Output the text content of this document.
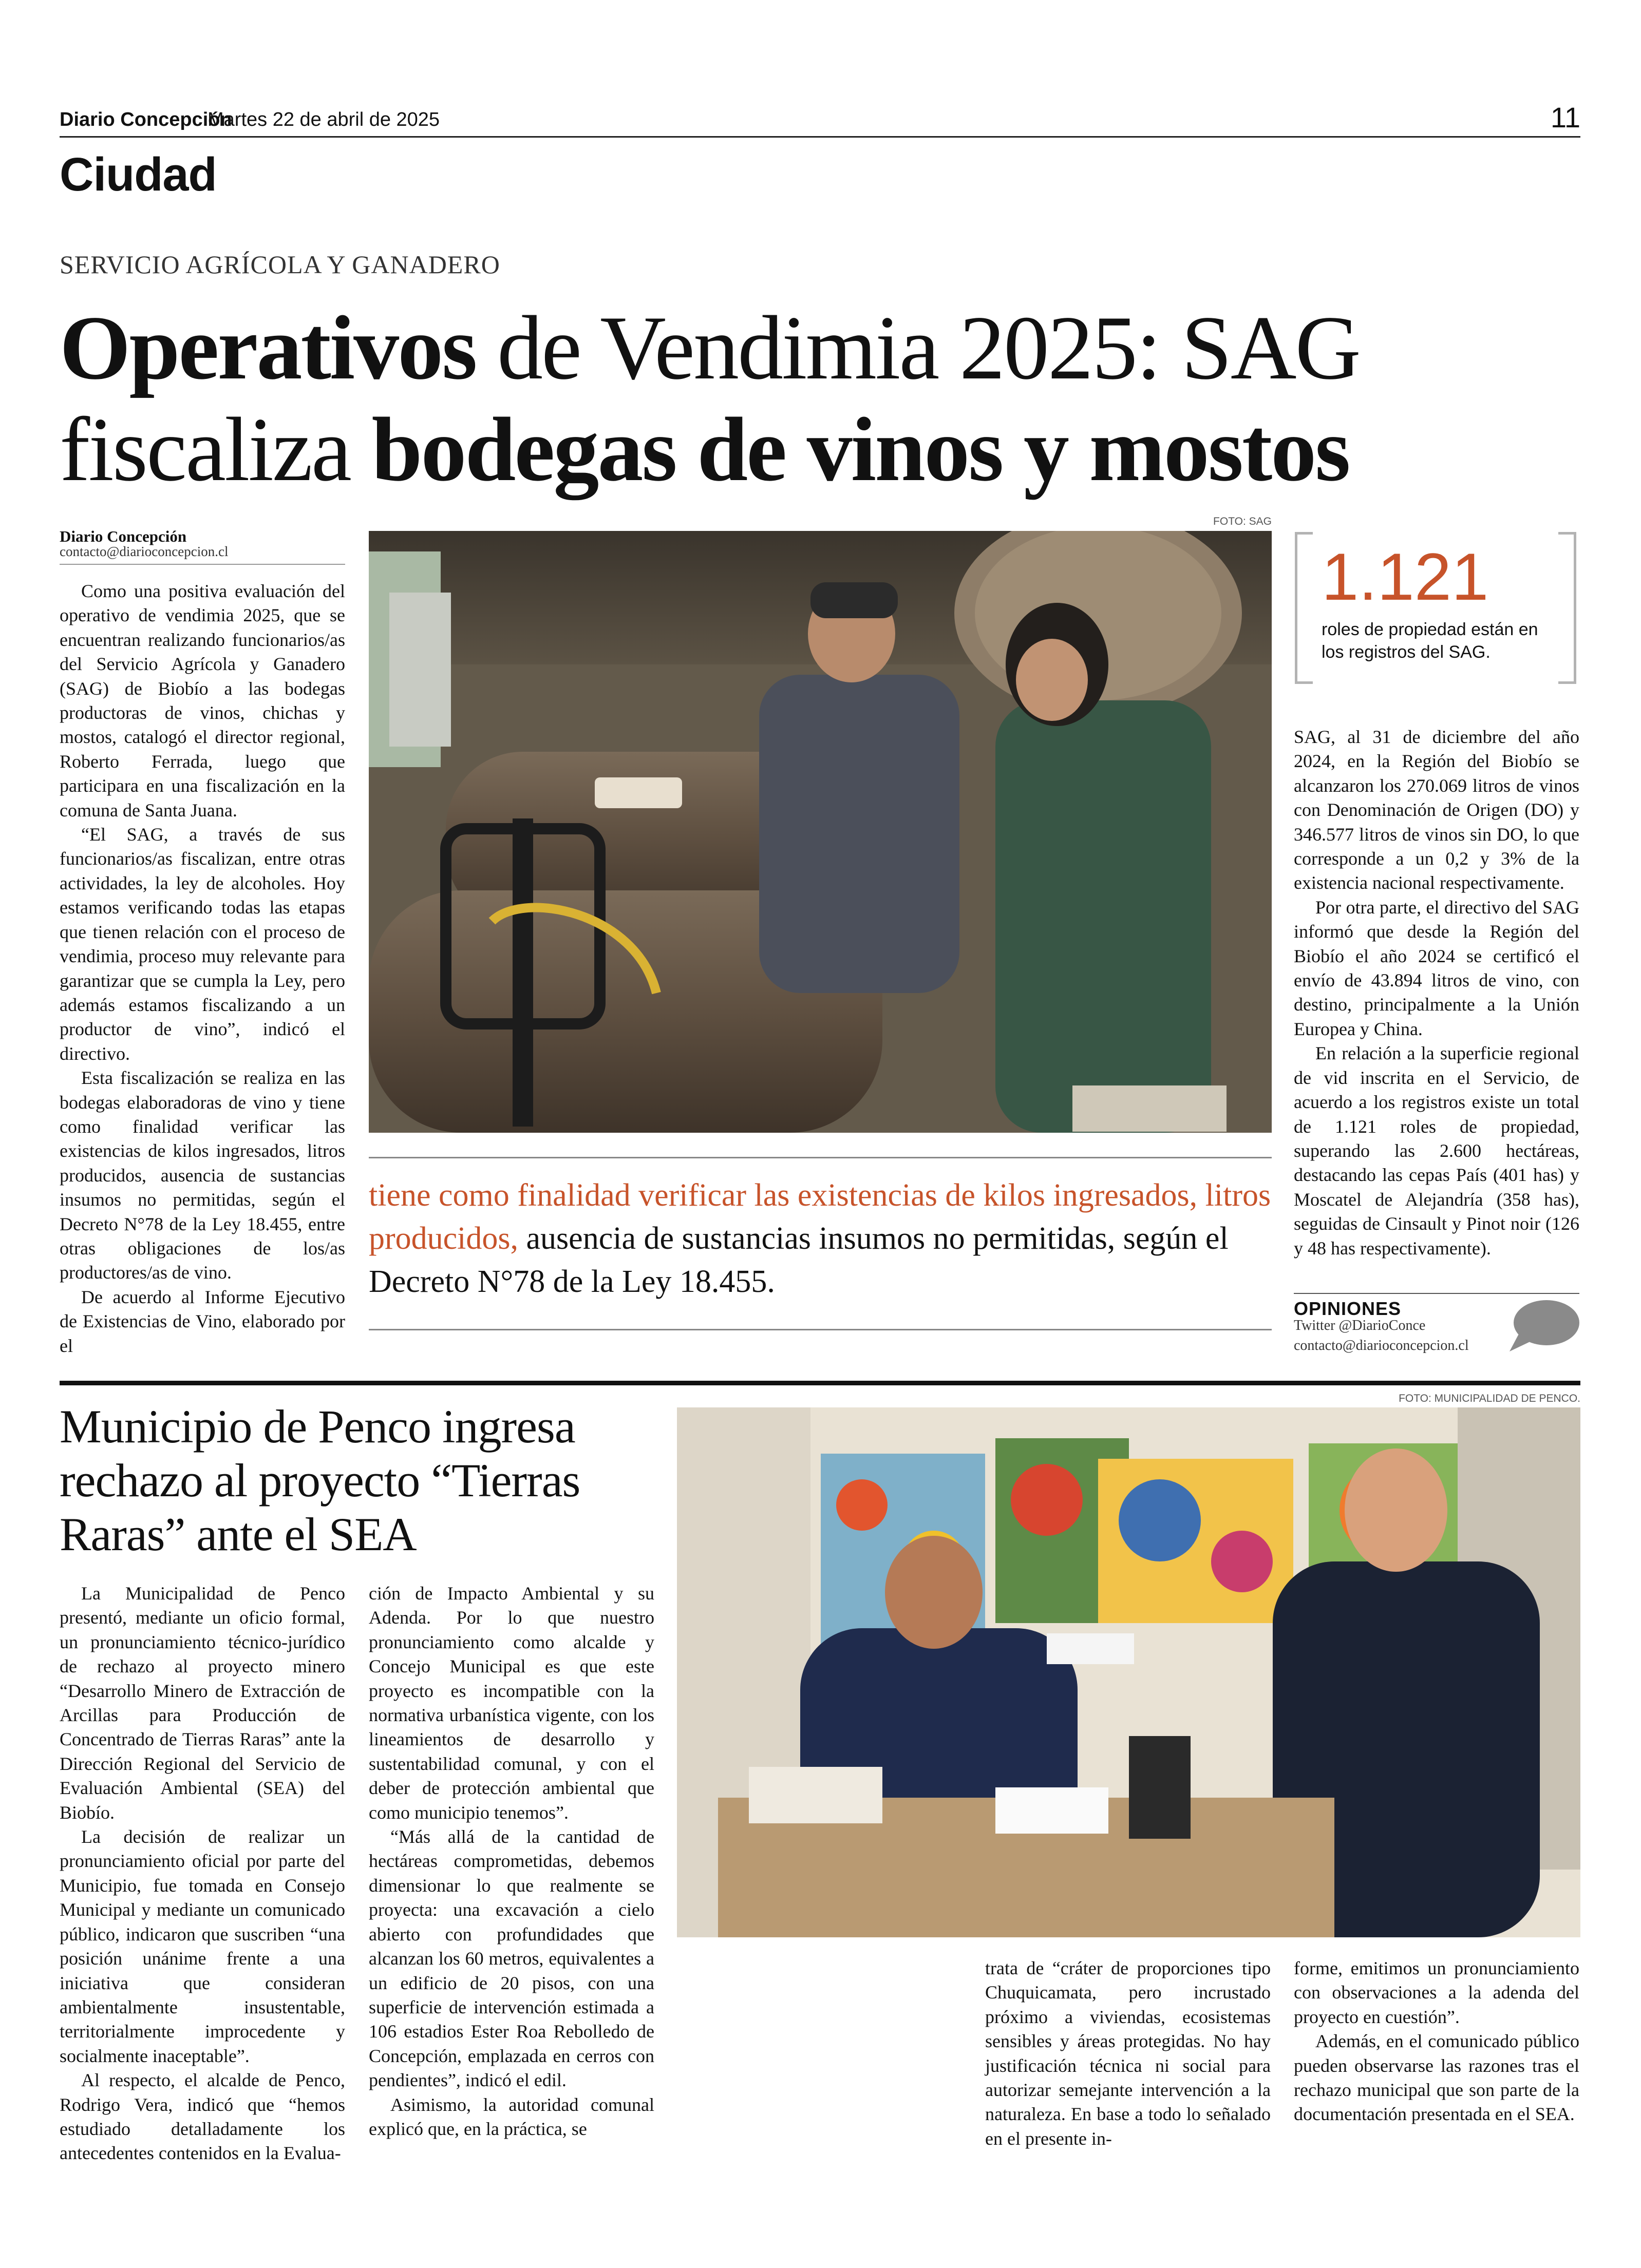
Diario Concepción
Martes 22 de abril de 2025	11
Ciudad
SERVICIO AGRÍCOLA Y GANADERO
Operativos de Vendimia 2025: SAG
fiscaliza bodegas de vinos y mostos
Diario Concepción
contacto@diarioconcepcion.cl

Como una positiva evaluación del operativo de vendimia 2025, que se encuentran realizando funcionarios/as del Servicio Agrícola y Ganadero (SAG) de Biobío a las bodegas productoras de vinos, chichas y mostos, catalogó el director regional, Roberto Ferrada, luego que participara en una fiscalización en la comuna de Santa Juana.

“El SAG, a través de sus funcionarios/as fiscalizan, entre otras actividades, la ley de alcoholes. Hoy estamos verificando todas las etapas que tienen relación con el proceso de vendimia, proceso muy relevante para garantizar que se cumpla la Ley, pero además estamos fiscalizando a un productor de vino”, indicó el directivo.

Esta fiscalización se realiza en las bodegas elaboradoras de vino y tiene como finalidad verificar las existencias de kilos ingresados, litros producidos, ausencia de sustancias insumos no permitidas, según el Decreto N°78 de la Ley 18.455, entre otras obligaciones de los/as productores/as de vino.

De acuerdo al Informe Ejecutivo de Existencias de Vino, elaborado por el

FOTO: SAG
tiene como finalidad verificar las existencias de kilos ingresados, litros producidos, ausencia de sustancias insumos no permitidas, según el Decreto N°78 de la Ley 18.455.
1.121
roles de propiedad están en los registros del SAG.

SAG, al 31 de diciembre del año 2024, en la Región del Biobío se alcanzaron los 270.069 litros de vinos con Denominación de Origen (DO) y 346.577 litros de vinos sin DO, lo que corresponde a un 0,2 y 3% de la existencia nacional respectivamente.

Por otra parte, el directivo del SAG informó que desde la Región del Biobío el año 2024 se certificó el envío de 43.894 litros de vino, con destino, principalmente a la Unión Europea y China.

En relación a la superficie regional de vid inscrita en el Servicio, de acuerdo a los registros existe un total de 1.121 roles de propiedad, superando las 2.600 hectáreas, destacando las cepas País (401 has) y Moscatel de Alejandría (358 has), seguidas de Cinsault y Pinot noir (126 y 48 has respectivamente).

OPINIONES
Twitter @DiarioConce
contacto@diarioconcepcion.cl
Municipio de Penco ingresa rechazo al proyecto “Tierras Raras” ante el SEA
FOTO: MUNICIPALIDAD DE PENCO.

La Municipalidad de Penco presentó, mediante un oficio formal, un pronunciamiento técnico-jurídico de rechazo al proyecto minero “Desarrollo Minero de Extracción de Arcillas para Producción de Concentrado de Tierras Raras” ante la Dirección Regional del Servicio de Evaluación Ambiental (SEA) del Biobío.

La decisión de realizar un pronunciamiento oficial por parte del Municipio, fue tomada en Consejo Municipal y mediante un comunicado público, indicaron que suscriben “una posición unánime frente a una iniciativa que consideran ambientalmente insustentable, territorialmente improcedente y socialmente inaceptable”.

Al respecto, el alcalde de Penco, Rodrigo Vera, indicó que “hemos estudiado detalladamente los antecedentes contenidos en la Evalua-

ción de Impacto Ambiental y su Adenda. Por lo que nuestro pronunciamiento como alcalde y Concejo Municipal es que este proyecto es incompatible con la normativa urbanística vigente, con los lineamientos de desarrollo y sustentabilidad comunal, y con el deber de protección ambiental que como municipio tenemos”.

“Más allá de la cantidad de hectáreas comprometidas, debemos dimensionar lo que realmente se proyecta: una excavación a cielo abierto con profundidades que alcanzan los 60 metros, equivalentes a un edificio de 20 pisos, con una superficie de intervención estimada a 106 estadios Ester Roa Rebolledo de Concepción, emplazada en cerros con pendientes”, indicó el edil.

Asimismo, la autoridad comunal explicó que, en la práctica, se

trata de “cráter de proporciones tipo Chuquicamata, pero incrustado próximo a viviendas, ecosistemas sensibles y áreas protegidas. No hay justificación técnica ni social para autorizar semejante intervención a la naturaleza. En base a todo lo señalado en el presente in-

forme, emitimos un pronunciamiento con observaciones a la adenda del proyecto en cuestión”.

Además, en el comunicado público pueden observarse las razones tras el rechazo municipal que son parte de la documentación presentada en el SEA.
